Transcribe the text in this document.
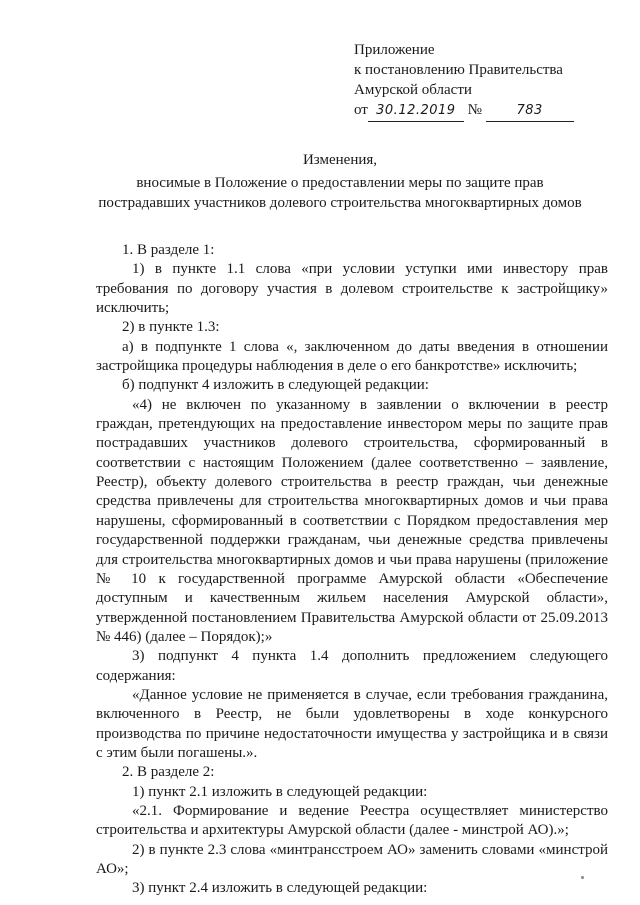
Приложение
к постановлению Правительства
Амурской области
от 30.12.2019 №	783
Изменения,
вносимые в Положение о предоставлении меры по защите прав
пострадавших участников долевого строительства многоквартирных домов

1. В разделе 1:

1) в пункте 1.1 слова «при условии уступки ими инвестору прав требования по договору участия в долевом строительстве к застройщику» исключить;

2) в пункте 1.3:

а) в подпункте 1 слова «, заключенном до даты введения в отношении застройщика процедуры наблюдения в деле о его банкротстве» исключить;

б) подпункт 4 изложить в следующей редакции:

«4) не включен по указанному в заявлении о включении в реестр граждан, претендующих на предоставление инвестором меры по защите прав пострадавших участников долевого строительства, сформированный в соответствии с настоящим Положением (далее соответственно – заявление, Реестр), объекту долевого строительства в реестр граждан, чьи денежные средства привлечены для строительства многоквартирных домов и чьи права нарушены, сформированный в соответствии с Порядком предоставления мер государственной поддержки гражданам, чьи денежные средства привлечены для строительства многоквартирных домов и чьи права нарушены (приложение № 10 к государственной программе Амурской области «Обеспечение доступным и качественным жильем населения Амурской области», утвержденной постановлением Правительства Амурской области от 25.09.2013 № 446) (далее – Порядок);»

3) подпункт 4 пункта 1.4 дополнить предложением следующего содержания:

«Данное условие не применяется в случае, если требования гражданина, включенного в Реестр, не были удовлетворены в ходе конкурсного производства по причине недостаточности имущества у застройщика и в связи с этим были погашены.».

2. В разделе 2:

1) пункт 2.1 изложить в следующей редакции:

«2.1. Формирование и ведение Реестра осуществляет министерство строительства и архитектуры Амурской области (далее - минстрой АО).»;

2) в пункте 2.3 слова «минтрансстроем АО» заменить словами «минстрой АО»;

3) пункт 2.4 изложить в следующей редакции:
